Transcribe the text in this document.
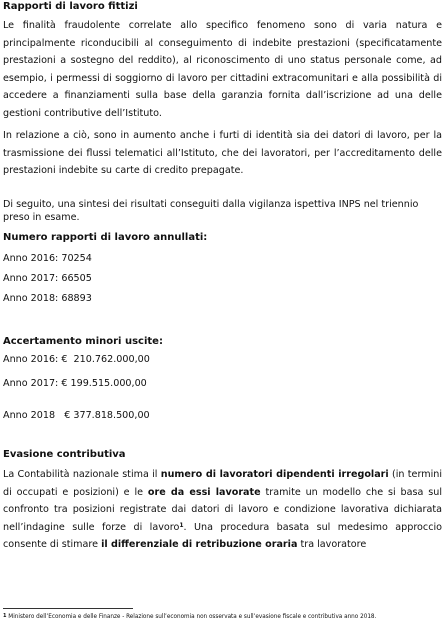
Rapporti di lavoro fittizi
Le finalità fraudolente correlate allo specifico fenomeno sono di varia natura e principalmente riconducibili al conseguimento di indebite prestazioni (specificatamente prestazioni a sostegno del reddito), al riconoscimento di uno status personale come, ad esempio, i permessi di soggiorno di lavoro per cittadini extracomunitari e alla possibilità di accedere a finanziamenti sulla base della garanzia fornita dall’iscrizione ad una delle gestioni contributive dell’Istituto.
In relazione a ciò, sono in aumento anche i furti di identità sia dei datori di lavoro, per la trasmissione dei flussi telematici all’Istituto, che dei lavoratori, per l’accreditamento delle prestazioni indebite su carte di credito prepagate.
Di seguito, una sintesi dei risultati conseguiti dalla vigilanza ispettiva INPS nel triennio preso in esame.
Numero rapporti di lavoro annullati:
Anno 2016: 70254
Anno 2017: 66505
Anno 2018: 68893
Accertamento minori uscite:
Anno 2016: €  210.762.000,00
Anno 2017: € 199.515.000,00
Anno 2018   € 377.818.500,00
Evasione contributiva
La Contabilità nazionale stima il numero di lavoratori dipendenti irregolari (in termini di occupati e posizioni) e le ore da essi lavorate tramite un modello che si basa sul confronto tra posizioni registrate dai datori di lavoro e condizione lavorativa dichiarata nell’indagine sulle forze di lavoro$^1$. Una procedura basata sul medesimo approccio consente di stimare il differenziale di retribuzione oraria tra lavoratore
$^1$ Ministero dell’Economia e delle Finanze - Relazione sull’economia non osservata e sull’evasione fiscale e contributiva anno 2018.
